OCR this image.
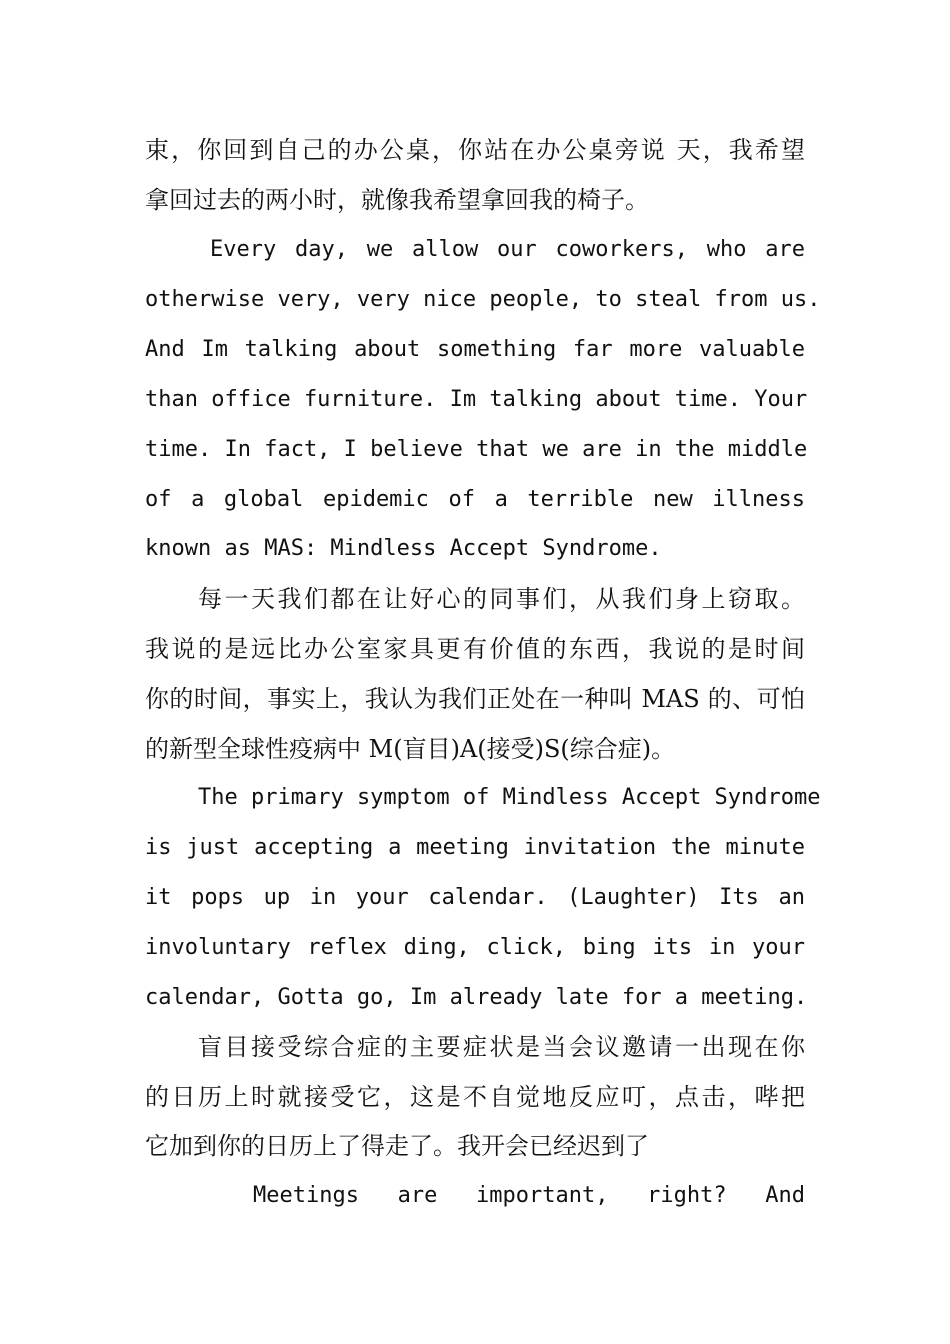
束，你回到自己的办公桌，你站在办公桌旁说 天，我希望
拿回过去的两小时，就像我希望拿回我的椅子。
Every day, we allow our coworkers, who are
otherwise very, very nice people, to steal from us.
And Im talking about something far more valuable
than office furniture. Im talking about time. Your
time. In fact, I believe that we are in the middle
of a global epidemic of a terrible new illness
known as MAS: Mindless Accept Syndrome.
每一天我们都在让好心的同事们，从我们身上窃取。
我说的是远比办公室家具更有价值的东西，我说的是时间
你的时间，事实上，我认为我们正处在一种叫 MAS 的、可怕
的新型全球性疫病中 M(盲目)A(接受)S(综合症)。
The primary symptom of Mindless Accept Syndrome
is just accepting a meeting invitation the minute
it pops up in your calendar. (Laughter) Its an
involuntary reflex ding, click, bing its in your
calendar, Gotta go, Im already late for a meeting.
盲目接受综合症的主要症状是当会议邀请一出现在你
的日历上时就接受它，这是不自觉地反应叮，点击，哔把
它加到你的日历上了得走了。我开会已经迟到了
Meetings are important, right? And
